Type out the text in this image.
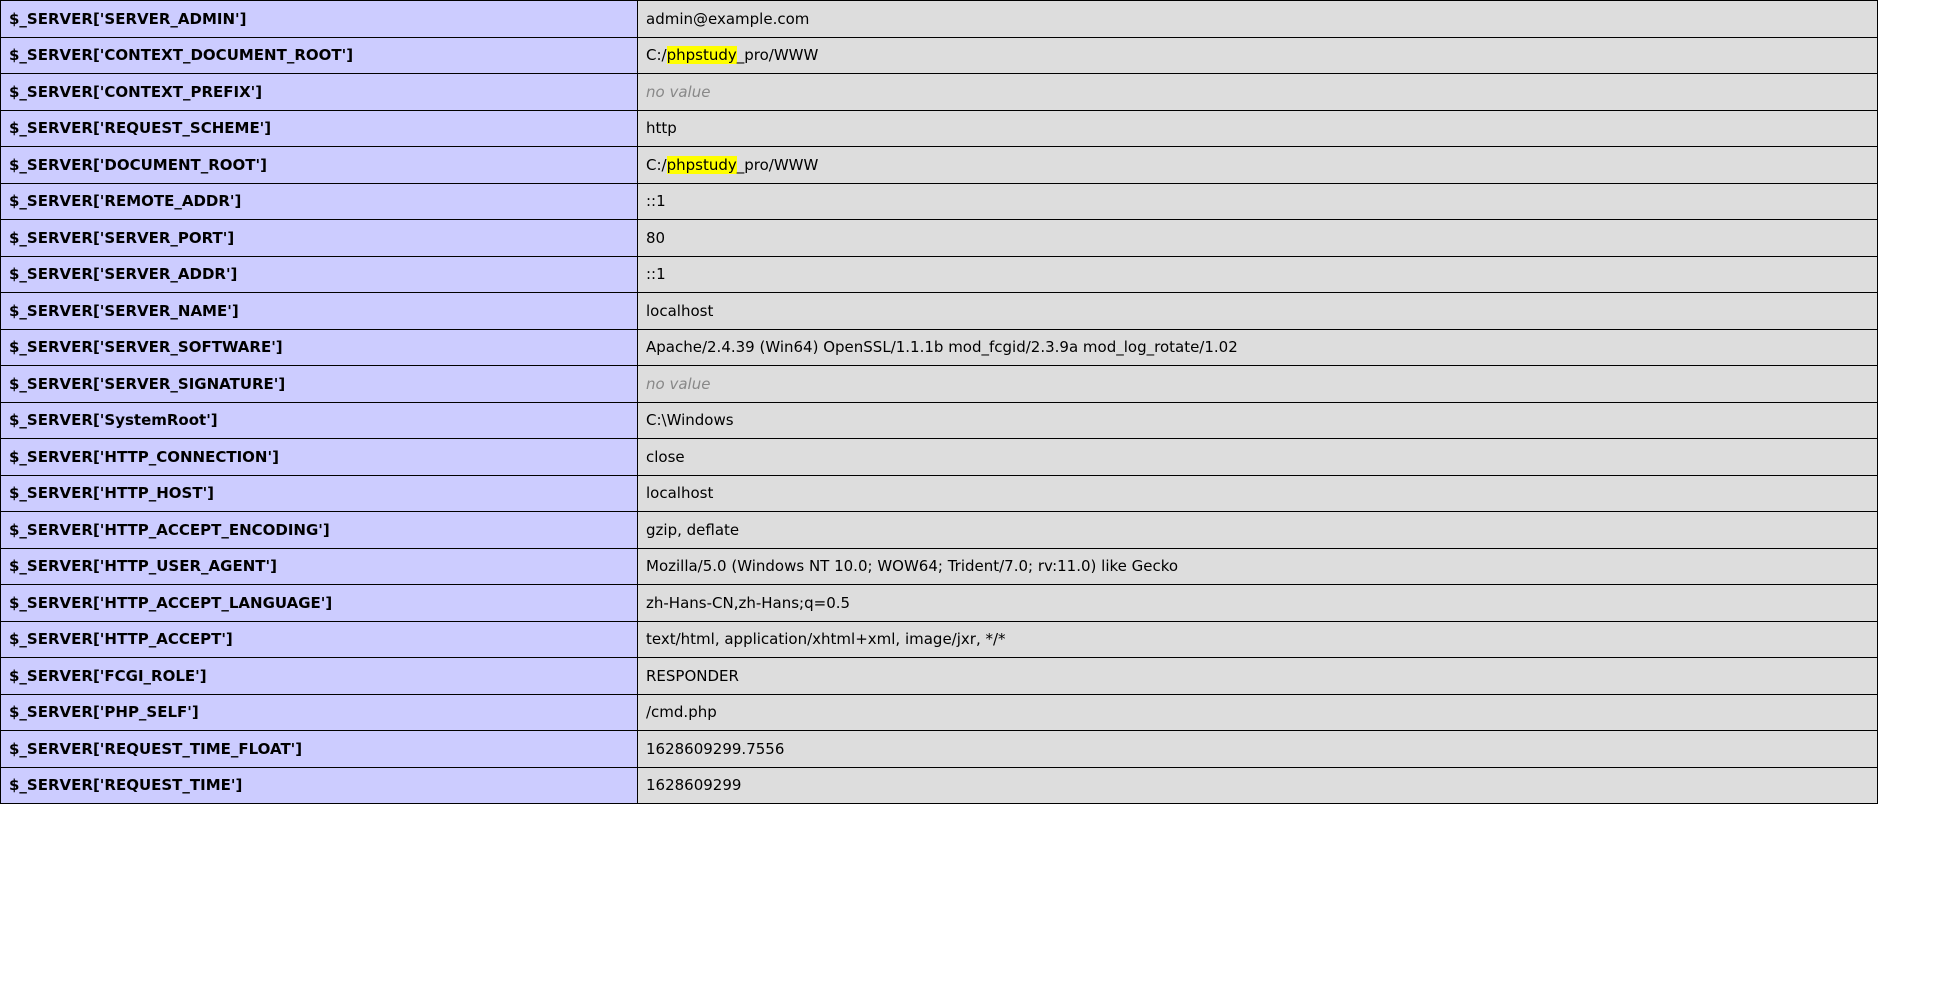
$_SERVER['SERVER_ADMIN']	admin@example.com
$_SERVER['CONTEXT_DOCUMENT_ROOT']	C:/phpstudy_pro/WWW
$_SERVER['CONTEXT_PREFIX']	no value
$_SERVER['REQUEST_SCHEME']	http
$_SERVER['DOCUMENT_ROOT']	C:/phpstudy_pro/WWW
$_SERVER['REMOTE_ADDR']	::1
$_SERVER['SERVER_PORT']	80
$_SERVER['SERVER_ADDR']	::1
$_SERVER['SERVER_NAME']	localhost
$_SERVER['SERVER_SOFTWARE']	Apache/2.4.39 (Win64) OpenSSL/1.1.1b mod_fcgid/2.3.9a mod_log_rotate/1.02
$_SERVER['SERVER_SIGNATURE']	no value
$_SERVER['SystemRoot']	C:\Windows
$_SERVER['HTTP_CONNECTION']	close
$_SERVER['HTTP_HOST']	localhost
$_SERVER['HTTP_ACCEPT_ENCODING']	gzip, deflate
$_SERVER['HTTP_USER_AGENT']	Mozilla/5.0 (Windows NT 10.0; WOW64; Trident/7.0; rv:11.0) like Gecko
$_SERVER['HTTP_ACCEPT_LANGUAGE']	zh-Hans-CN,zh-Hans;q=0.5
$_SERVER['HTTP_ACCEPT']	text/html, application/xhtml+xml, image/jxr, */*
$_SERVER['FCGI_ROLE']	RESPONDER
$_SERVER['PHP_SELF']	/cmd.php
$_SERVER['REQUEST_TIME_FLOAT']	1628609299.7556
$_SERVER['REQUEST_TIME']	1628609299
